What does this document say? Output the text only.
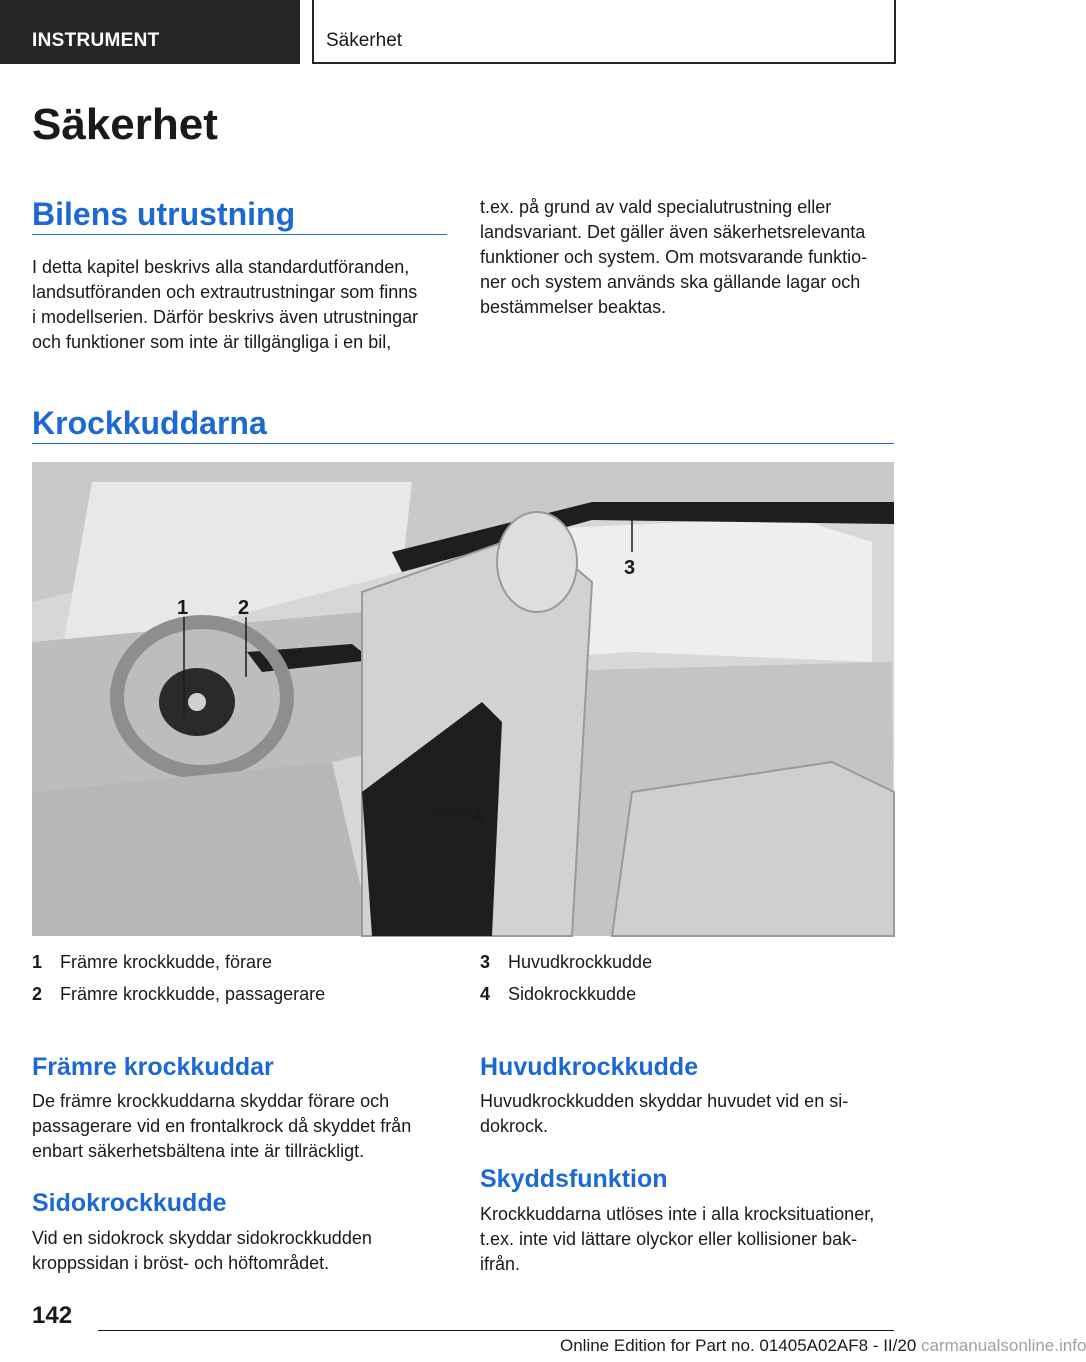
INSTRUMENT	Säkerhet
Säkerhet
Bilens utrustning

I detta kapitel beskrivs alla standardutföranden,
landsutföranden och extrautrustningar som finns
i modellserien. Därför beskrivs även utrustningar
och funktioner som inte är tillgängliga i en bil,

t.ex. på grund av vald specialutrustning eller
landsvariant. Det gäller även säkerhetsrelevanta
funktioner och system. Om motsvarande funktio-
ner och system används ska gällande lagar och
bestämmelser beaktas.

Krockkuddarna
1 2
3
4
1 Främre krockkudde, förare
2 Främre krockkudde, passagerare
3 Huvudkrockkudde
4 Sidokrockkudde
Främre krockkuddar

De främre krockkuddarna skyddar förare och
passagerare vid en frontalkrock då skyddet från
enbart säkerhetsbältena inte är tillräckligt.

Sidokrockkudde

Vid en sidokrock skyddar sidokrockkudden
kroppssidan i bröst- och höftområdet.

Huvudkrockkudde

Huvudkrockkudden skyddar huvudet vid en si-
dokrock.

Skyddsfunktion

Krockkuddarna utlöses inte i alla krocksituationer,
t.ex. inte vid lättare olyckor eller kollisioner bak-
ifrån.

142
Online Edition for Part no. 01405A02AF8 - II/20 carmanualsonline.info
